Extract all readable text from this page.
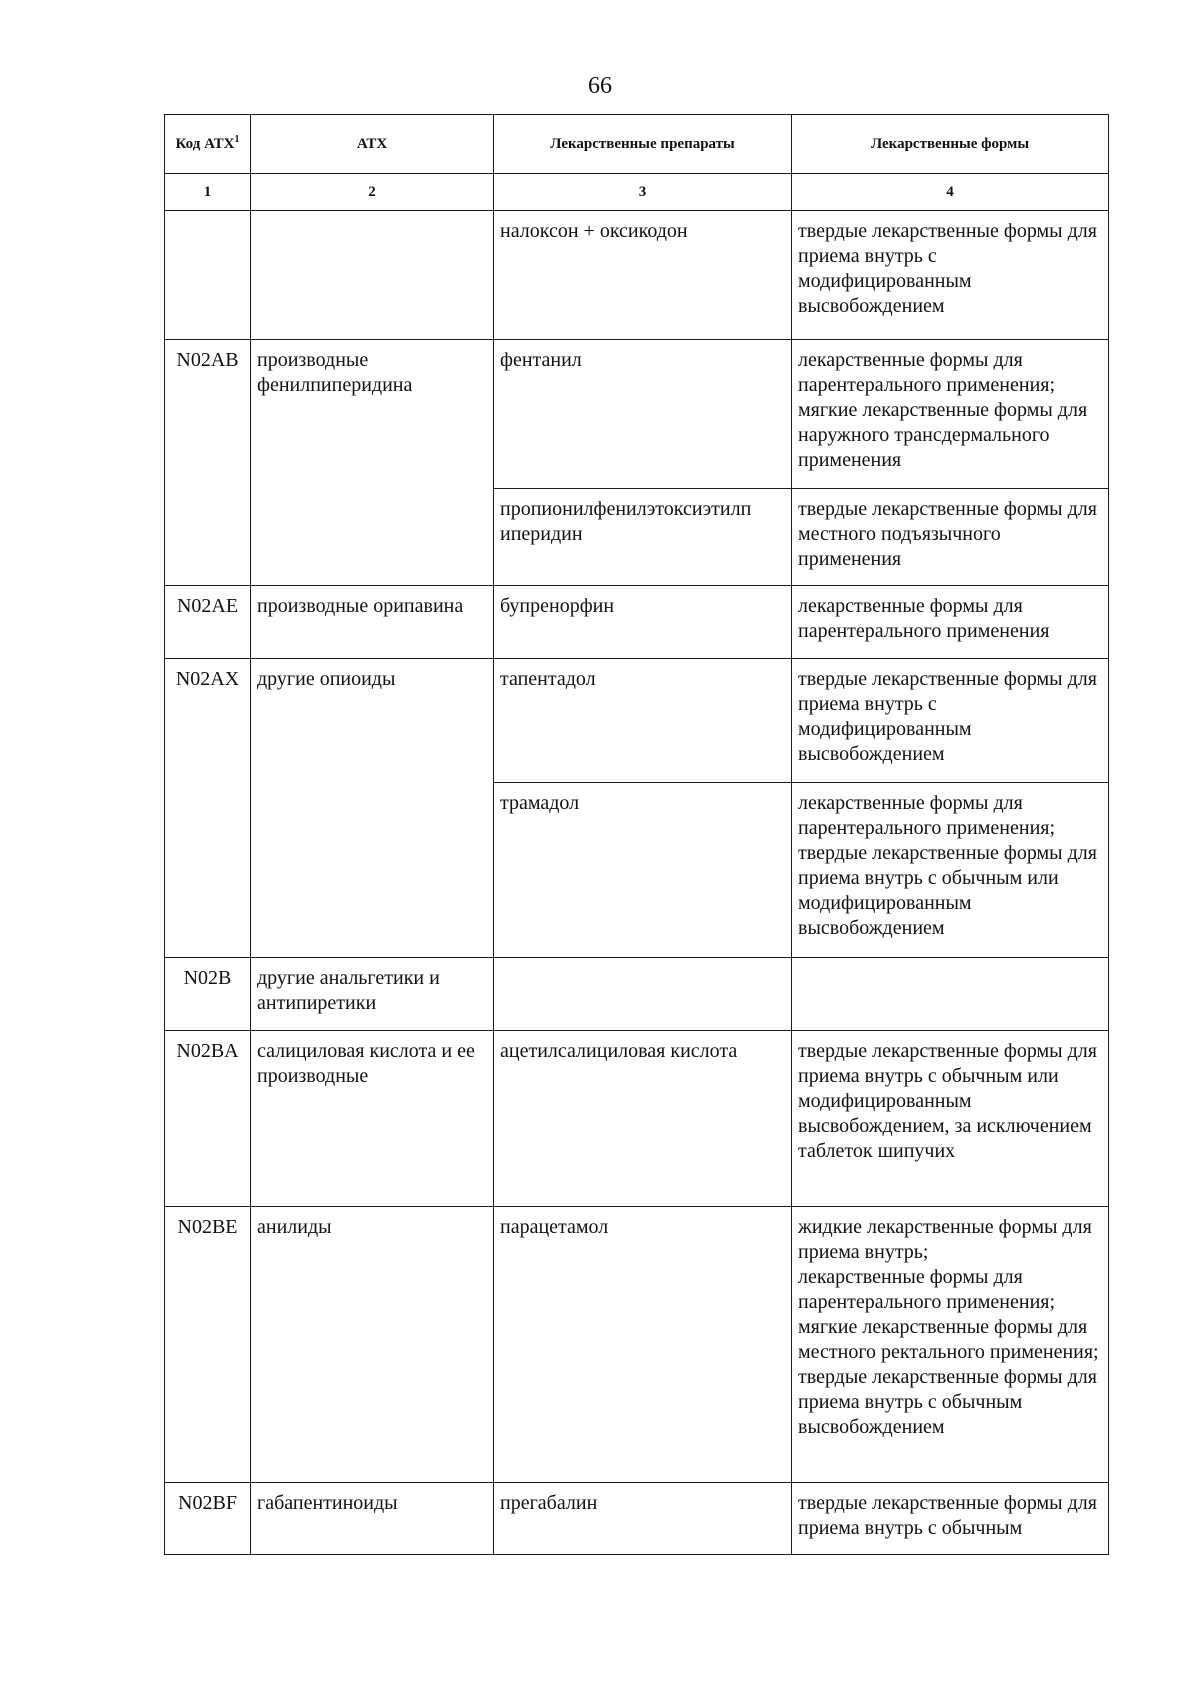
66
Код АТХ$^1$	АТХ	Лекарственные препараты	Лекарственные формы
1	2	3	4
		налоксон + оксикодон	твердые лекарственные формы для приема внутрь с модифицированным высвобождением
N02AB	производные фенилпиперидина	фентанил	лекарственные формы для парентерального применения;
мягкие лекарственные формы для наружного трансдермального применения
		пропионилфенилэтоксиэтилп иперидин	твердые лекарственные формы для местного подъязычного применения
N02AE	производные орипавина	бупренорфин	лекарственные формы для парентерального применения
N02AX	другие опиоиды	тапентадол	твердые лекарственные формы для приема внутрь с модифицированным высвобождением
		трамадол	лекарственные формы для парентерального применения;
твердые лекарственные формы для приема внутрь с обычным или модифицированным высвобождением
N02B	другие анальгетики и антипиретики		
N02BA	салициловая кислота и ее производные	ацетилсалициловая кислота	твердые лекарственные формы для приема внутрь с обычным или модифицированным высвобождением, за исключением таблеток шипучих
N02BE	анилиды	парацетамол	жидкие лекарственные формы для приема внутрь;
лекарственные формы для парентерального применения;
мягкие лекарственные формы для местного ректального применения;
твердые лекарственные формы для приема внутрь с обычным высвобождением
N02BF	габапентиноиды	прегабалин	твердые лекарственные формы для приема внутрь с обычным
